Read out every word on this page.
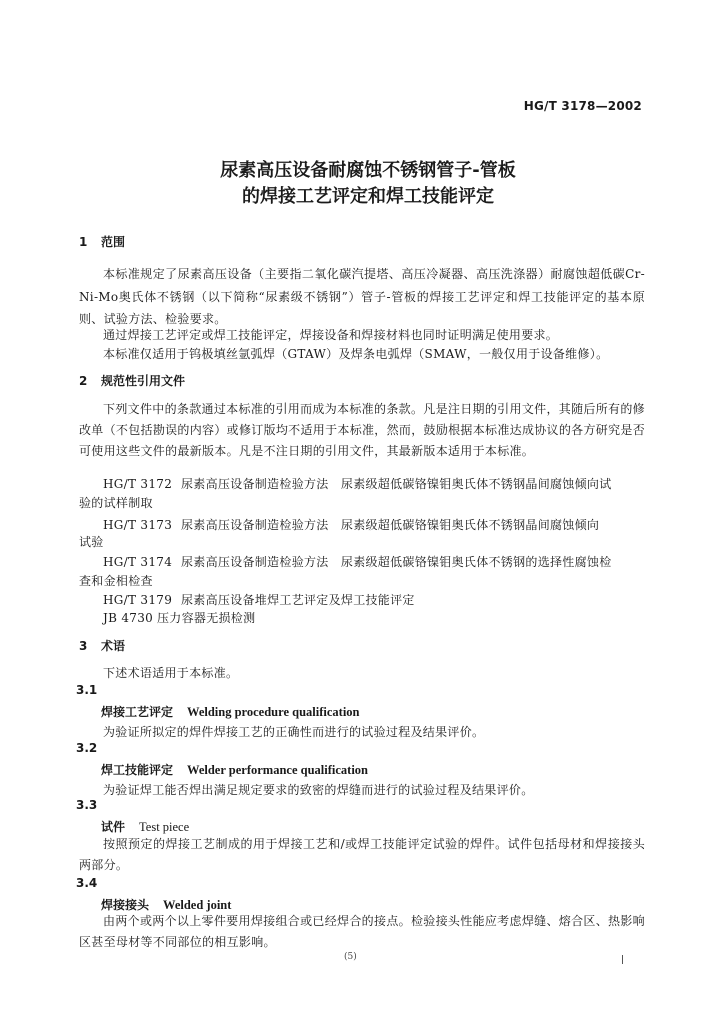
HG/T 3178—2002
尿素高压设备耐腐蚀不锈钢管子-管板
的焊接工艺评定和焊工技能评定
1 范围
本标准规定了尿素高压设备（主要指二氧化碳汽提塔、高压冷凝器、高压洗涤器）耐腐蚀超低碳Cr-Ni-Mo奥氏体不锈钢（以下简称“尿素级不锈钢”）管子-管板的焊接工艺评定和焊工技能评定的基本原则、试验方法、检验要求。
通过焊接工艺评定或焊工技能评定，焊接设备和焊接材料也同时证明满足使用要求。
本标准仅适用于钨极填丝氩弧焊（GTAW）及焊条电弧焊（SMAW，一般仅用于设备维修）。
2 规范性引用文件
下列文件中的条款通过本标准的引用而成为本标准的条款。凡是注日期的引用文件，其随后所有的修改单（不包括勘误的内容）或修订版均不适用于本标准，然而，鼓励根据本标准达成协议的各方研究是否可使用这些文件的最新版本。凡是不注日期的引用文件，其最新版本适用于本标准。
HG/T 3172 尿素高压设备制造检验方法　尿素级超低碳铬镍钼奥氏体不锈钢晶间腐蚀倾向试
验的试样制取
HG/T 3173 尿素高压设备制造检验方法　尿素级超低碳铬镍钼奥氏体不锈钢晶间腐蚀倾向
试验
HG/T 3174 尿素高压设备制造检验方法　尿素级超低碳铬镍钼奥氏体不锈钢的选择性腐蚀检
查和金相检查
HG/T 3179 尿素高压设备堆焊工艺评定及焊工技能评定
JB 4730 压力容器无损检测
3 术语
下述术语适用于本标准。
3.1
焊接工艺评定 Welding procedure qualification
为验证所拟定的焊件焊接工艺的正确性而进行的试验过程及结果评价。
3.2
焊工技能评定 Welder performance qualification
为验证焊工能否焊出满足规定要求的致密的焊缝而进行的试验过程及结果评价。
3.3
试件 Test piece
按照预定的焊接工艺制成的用于焊接工艺和/或焊工技能评定试验的焊件。试件包括母材和焊接接头两部分。
3.4
焊接接头 Welded joint
由两个或两个以上零件要用焊接组合或已经焊合的接点。检验接头性能应考虑焊缝、熔合区、热影响区甚至母材等不同部位的相互影响。
(5)
